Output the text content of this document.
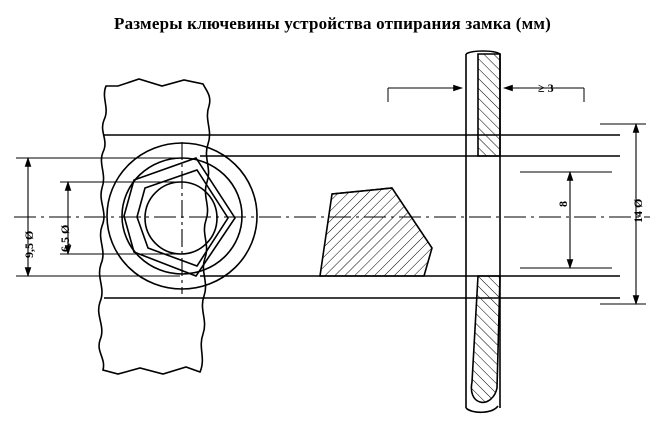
Размеры ключевины устройства отпирания замка (мм)
9,5 Ø 6,5 Ø
8	14 Ø
≥ 3
